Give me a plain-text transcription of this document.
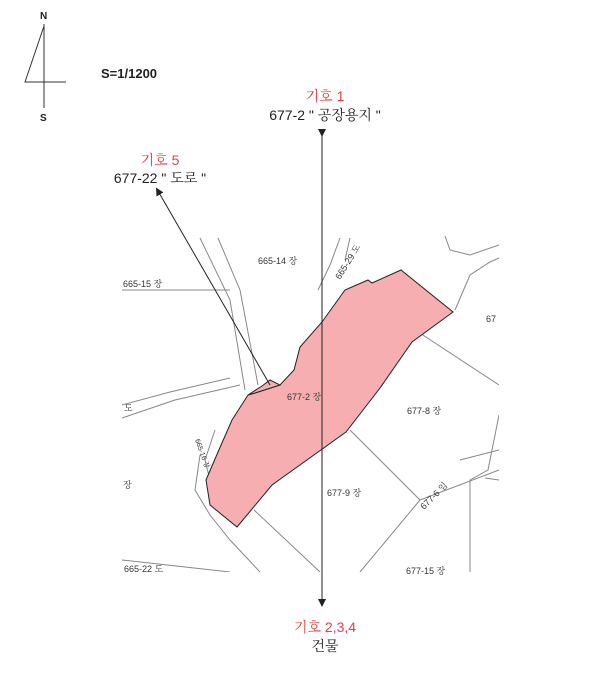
N
S
S=1/1200
기호 1
677-2 " 공장용지 "
기호 5
677-22 " 도로 "
665-14 장
665-15 장
665-29 도
67
677-2 장
677-8 장
677-9 장	677-6 임
677-15 장
665-22 도
도
장
665-16 장
기호 2,3,4
건물
